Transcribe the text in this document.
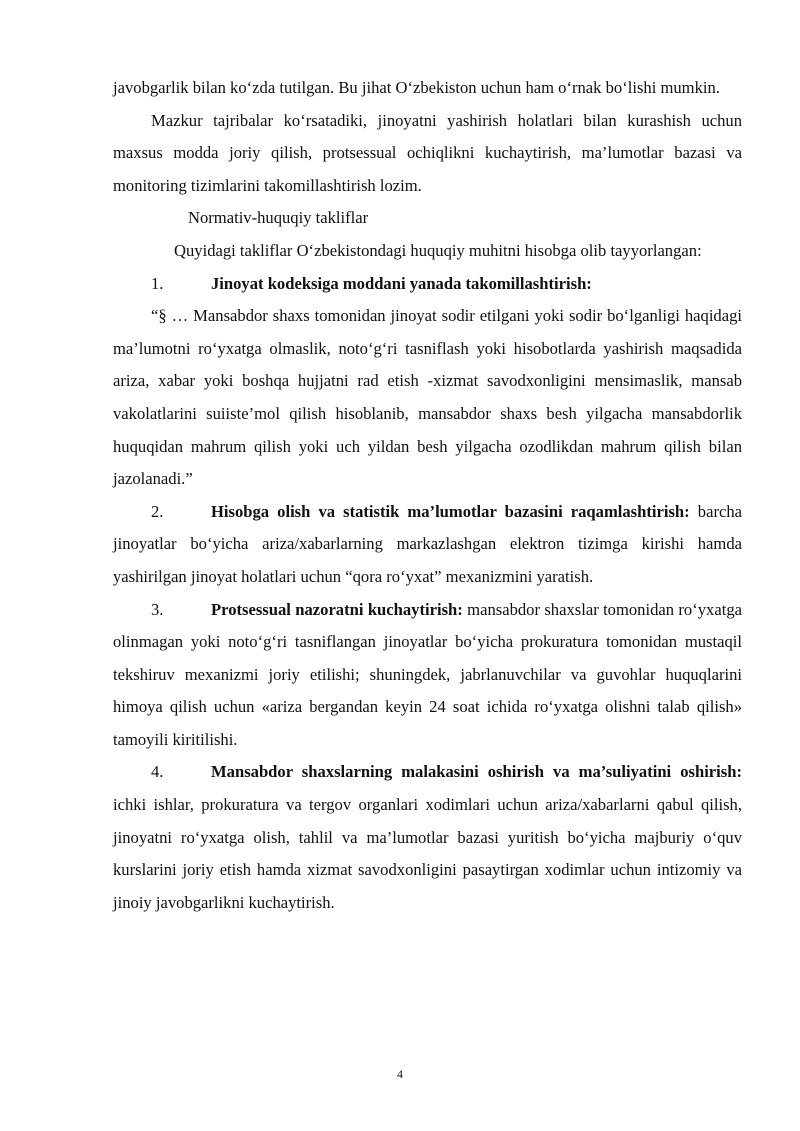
javobgarlik bilan ko‘zda tutilgan. Bu jihat O‘zbekiston uchun ham o‘rnak bo‘lishi mumkin.

Mazkur tajribalar ko‘rsatadiki, jinoyatni yashirish holatlari bilan kurashish uchun maxsus modda joriy qilish, protsessual ochiqlikni kuchaytirish, ma’lumotlar bazasi va monitoring tizimlarini takomillashtirish lozim.

Normativ-huquqiy takliflar

Quyidagi takliflar O‘zbekistondagi huquqiy muhitni hisobga olib tayyorlangan:

1.	Jinoyat kodeksiga moddani yanada takomillashtirish:

“§ … Mansabdor shaxs tomonidan jinoyat sodir etilgani yoki sodir bo‘lganligi haqidagi ma’lumotni ro‘yxatga olmaslik, noto‘g‘ri tasniflash yoki hisobotlarda yashirish maqsadida ariza, xabar yoki boshqa hujjatni rad etish -xizmat savodxonligini mensimaslik, mansab vakolatlarini suiiste’mol qilish hisoblanib, mansabdor shaxs besh yilgacha mansabdorlik huquqidan mahrum qilish yoki uch yildan besh yilgacha ozodlikdan mahrum qilish bilan jazolanadi.”

2.	Hisobga olish va statistik ma’lumotlar bazasini raqamlashtirish: barcha jinoyatlar bo‘yicha ariza/xabarlarning markazlashgan elektron tizimga kirishi hamda yashirilgan jinoyat holatlari uchun “qora ro‘yxat” mexanizmini yaratish.

3.	Protsessual nazoratni kuchaytirish: mansabdor shaxslar tomonidan ro‘yxatga olinmagan yoki noto‘g‘ri tasniflangan jinoyatlar bo‘yicha prokuratura tomonidan mustaqil tekshiruv mexanizmi joriy etilishi; shuningdek, jabrlanuvchilar va guvohlar huquqlarini himoya qilish uchun «ariza bergandan keyin 24 soat ichida ro‘yxatga olishni talab qilish» tamoyili kiritilishi.

4.	Mansabdor shaxslarning malakasini oshirish va ma’suliyatini oshirish: ichki ishlar, prokuratura va tergov organlari xodimlari uchun ariza/xabarlarni qabul qilish, jinoyatni ro‘yxatga olish, tahlil va ma’lumotlar bazasi yuritish bo‘yicha majburiy o‘quv kurslarini joriy etish hamda xizmat savodxonligini pasaytirgan xodimlar uchun intizomiy va jinoiy javobgarlikni kuchaytirish.

4
